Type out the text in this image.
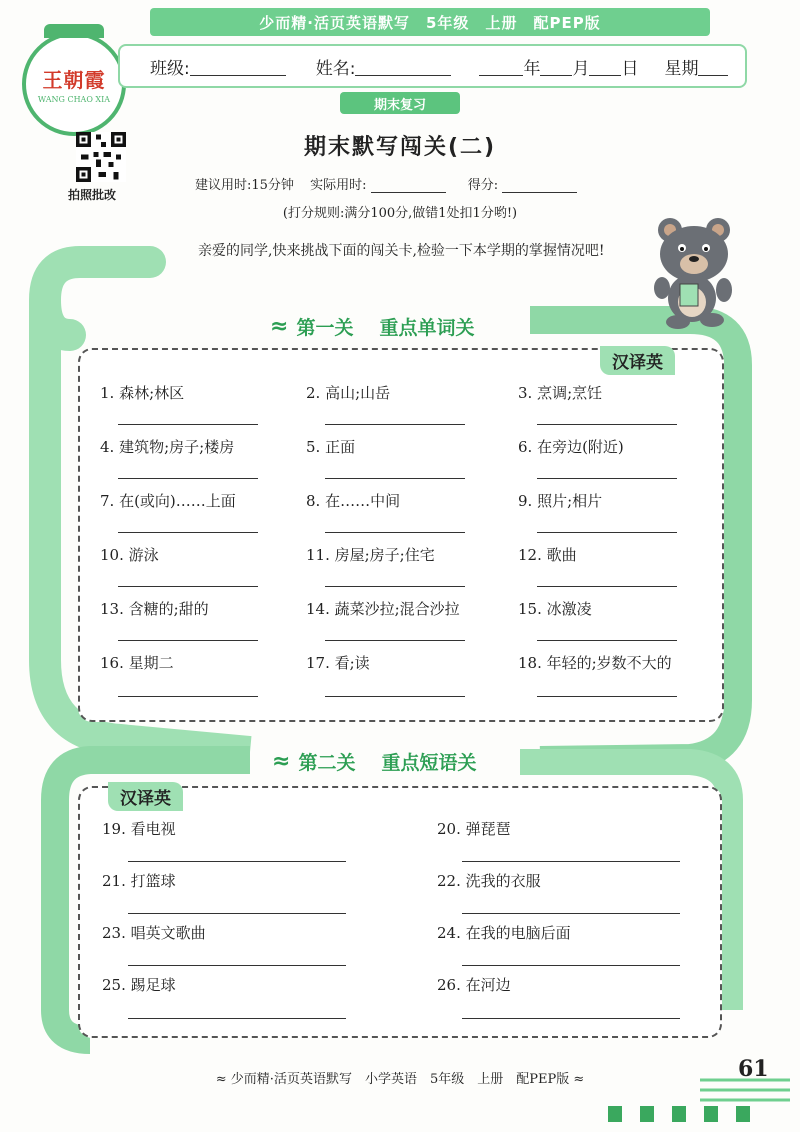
少而精·活页英语默写 5年级 上册 配PEP版
王朝霞
WANG CHAO XIA
班级:	姓名:	年 月 日 星期
期末复习
拍照批改
期末默写闯关(二)
建议用时:15分钟 实际用时:	得分:
(打分规则:满分100分,做错1处扣1分哟!)
亲爱的同学,快来挑战下面的闯关卡,检验一下本学期的掌握情况吧!
≈ 第一关 重点单词关
汉译英
1. 森林;林区	2. 高山;山岳	3. 烹调;烹饪
4. 建筑物;房子;楼房	5. 正面	6. 在旁边(附近)
7. 在(或向)……上面	8. 在……中间	9. 照片;相片
10. 游泳	11. 房屋;房子;住宅	12. 歌曲
13. 含糖的;甜的	14. 蔬菜沙拉;混合沙拉	15. 冰激凌
16. 星期二	17. 看;读	18. 年轻的;岁数不大的
≈ 第二关 重点短语关
汉译英
19. 看电视	20. 弹琵琶
21. 打篮球	22. 洗我的衣服
23. 唱英文歌曲	24. 在我的电脑后面
25. 踢足球	26. 在河边
≈ 少而精·活页英语默写　小学英语　5年级　上册　配PEP版 ≈	61
